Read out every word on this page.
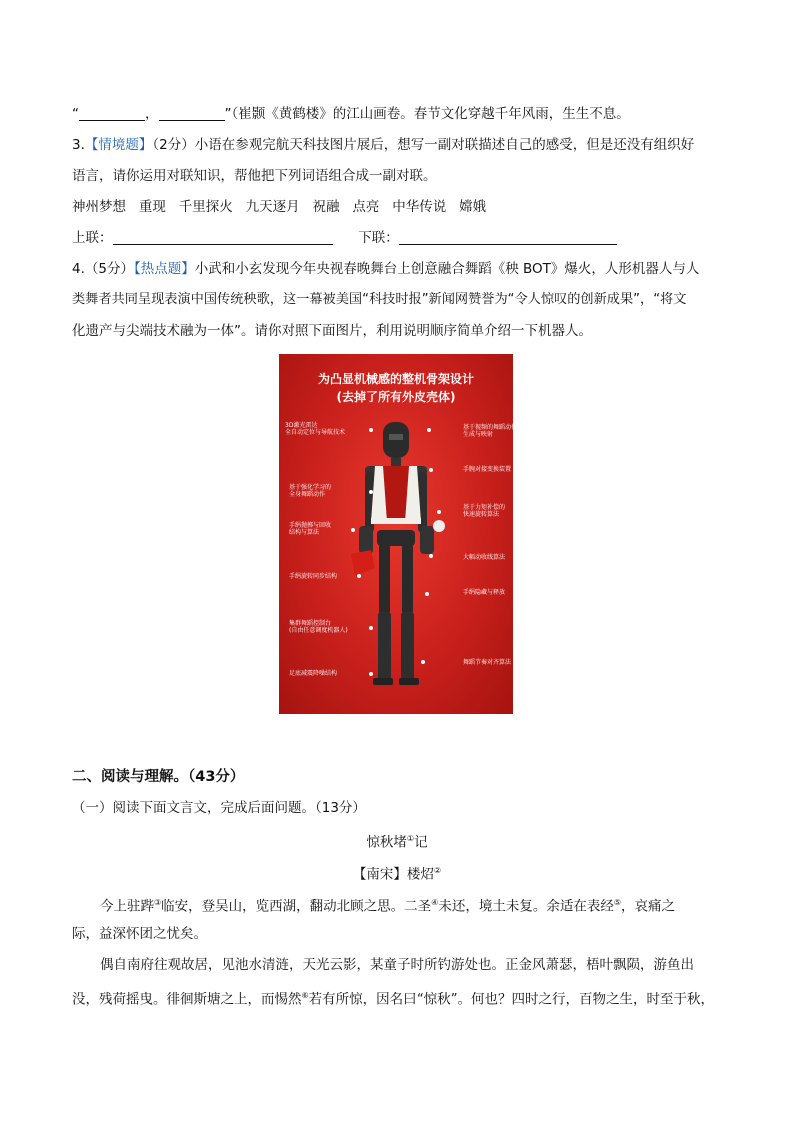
“	，	”（崔颢《黄鹤楼》的江山画卷。春节文化穿越千年风雨，生生不息。
3.【情境题】（2分）小语在参观完航天科技图片展后，想写一副对联描述自己的感受，但是还没有组织好
语言，请你运用对联知识，帮他把下列词语组合成一副对联。
神州梦想 重现 千里探火 九天逐月 祝融 点亮 中华传说 嫦娥
上联：	下联：
4.（5分）【热点题】小武和小玄发现今年央视春晚舞台上创意融合舞蹈《秧 BOT》爆火，人形机器人与人
类舞者共同呈现表演中国传统秧歌，这一幕被美国“科技时报”新闻网赞誉为“令人惊叹的创新成果”，“将文
化遗产与尖端技术融为一体”。请你对照下面图片，利用说明顺序简单介绍一下机器人。
为凸显机械感的整机骨架设计
(去掉了所有外皮壳体)
3D激光雷达
全自动定位与导航技术
基于强化学习的
全身舞蹈动作
手绢抛掷与回收
结构与算法
手绢旋转同步结构
集群舞蹈控制台
(自由任意调度机器人)
足底减震降噪结构
基于视频的舞蹈动作的
生成与映射
手腕对接变换装置
基于力矩补偿的
快速旋转算法
大幅动收线算法
手绢隐藏与释放
舞蹈节奏对齐算法
二、阅读与理解。（43分）
（一）阅读下面文言文，完成后面问题。（13分）
惊秋堵①记
【南宋】楼炤②
今上驻跸③临安，登吴山，览西湖，翻动北顾之思。二圣④未还，境土未复。余适在表经⑤，哀痛之
际，益深怀团之忧矣。
偶自南府往观故居，见池水清涟，天光云影，某童子时所钓游处也。正金风萧瑟，梧叶飘陨，游鱼出
没，残荷摇曳。徘徊斯塘之上，而惕然⑥若有所惊，因名曰“惊秋”。何也？四时之行，百物之生，时至于秋，
